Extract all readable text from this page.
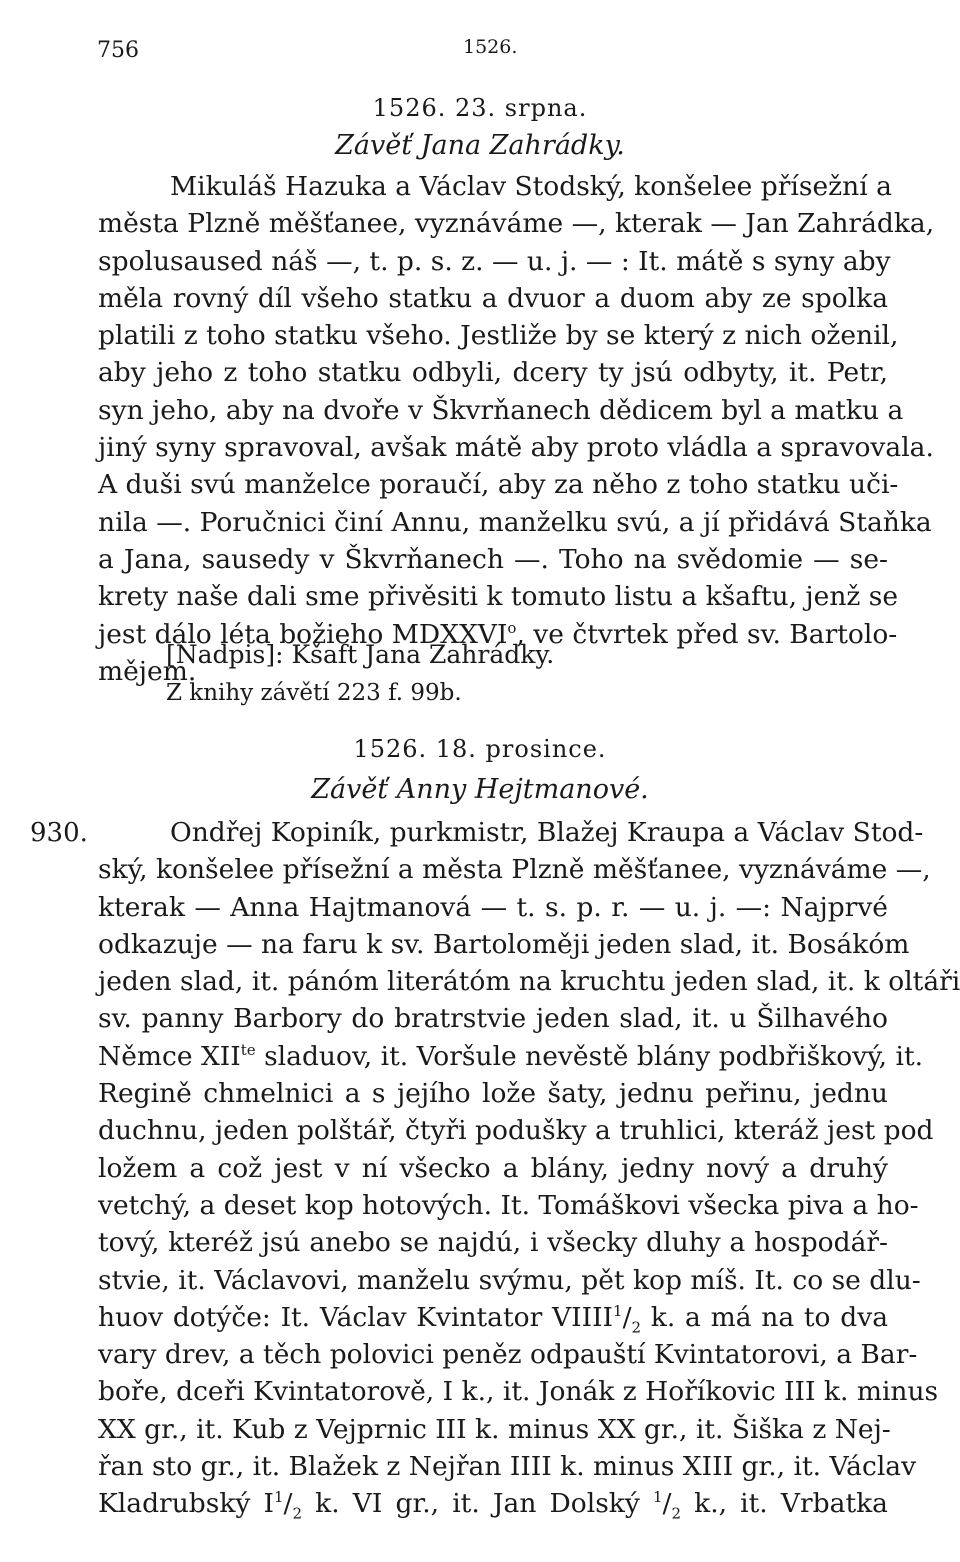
756	1526.
1526. 23. srpna.
Závěť Jana Zahrádky.
Mikuláš Hazuka a Václav Stodský, konšelee přísežní a
města Plzně měšťanee, vyznáváme —, kterak — Jan Zahrádka,
spolusaused náš —, t. p. s. z. — u. j. — : It. mátě s syny aby
měla rovný díl všeho statku a dvuor a duom aby ze spolka
platili z toho statku všeho. Jestliže by se který z nich oženil,
aby jeho z toho statku odbyli, dcery ty jsú odbyty, it. Petr,
syn jeho, aby na dvoře v Škvrňanech dědicem byl a matku a
jiný syny spravoval, avšak mátě aby proto vládla a spravovala.
A duši svú manželce poraučí, aby za něho z toho statku uči-
nila —. Poručnici činí Annu, manželku svú, a jí přidává Staňka
a Jana, sausedy v Škvrňanech —. Toho na svědomie — se-
krety naše dali sme přivěsiti k tomuto listu a kšaftu, jenž se
jest dálo léta božieho MDXXVI$^o$, ve čtvrtek před sv. Bartolo-
mějem.
[Nadpis]: Kšaft Jana Zahrádky.
Z knihy závětí 223 f. 99b.
930.
1526. 18. prosince.
Závěť Anny Hejtmanové.
Ondřej Kopiník, purkmistr, Blažej Kraupa a Václav Stod-
ský, konšelee přísežní a města Plzně měšťanee, vyznáváme —,
kterak — Anna Hajtmanová — t. s. p. r. — u. j. —: Najprvé
odkazuje — na faru k sv. Bartoloměji jeden slad, it. Bosákóm
jeden slad, it. pánóm literátóm na kruchtu jeden slad, it. k oltáři
sv. panny Barbory do bratrstvie jeden slad, it. u Šilhavého
Němce $XII^{te}$ sladuov, it. Voršule nevěstě blány podbřiškový, it.
Regině chmelnici a s jejího lože šaty, jednu peřinu, jednu
duchnu, jeden polštář, čtyři podušky a truhlici, kteráž jest pod
ložem a což jest v ní všecko a blány, jedny nový a druhý
vetchý, a deset kop hotových. It. Tomáškovi všecka piva a ho-
tový, kteréž jsú anebo se najdú, i všecky dluhy a hospodář-
stvie, it. Václavovi, manželu svýmu, pět kop míš. It. co se dlu-
huov dotýče: It. Václav Kvintator $VIIII^1/_2$ k. a má na to dva
vary drev, a těch polovici peněz odpauští Kvintatorovi, a Bar-
boře, dceři Kvintatorově, I k., it. Jonák z Hoříkovic III k. minus
XX gr., it. Kub z Vejprnic III k. minus XX gr., it. Šiška z Nej-
řan sto gr., it. Blažek z Nejřan IIII k. minus XIII gr., it. Václav
Kladrubský $I^1/_2$ k. VI gr., it. Jan Dolský $^1/_2$ k., it. Vrbatka
